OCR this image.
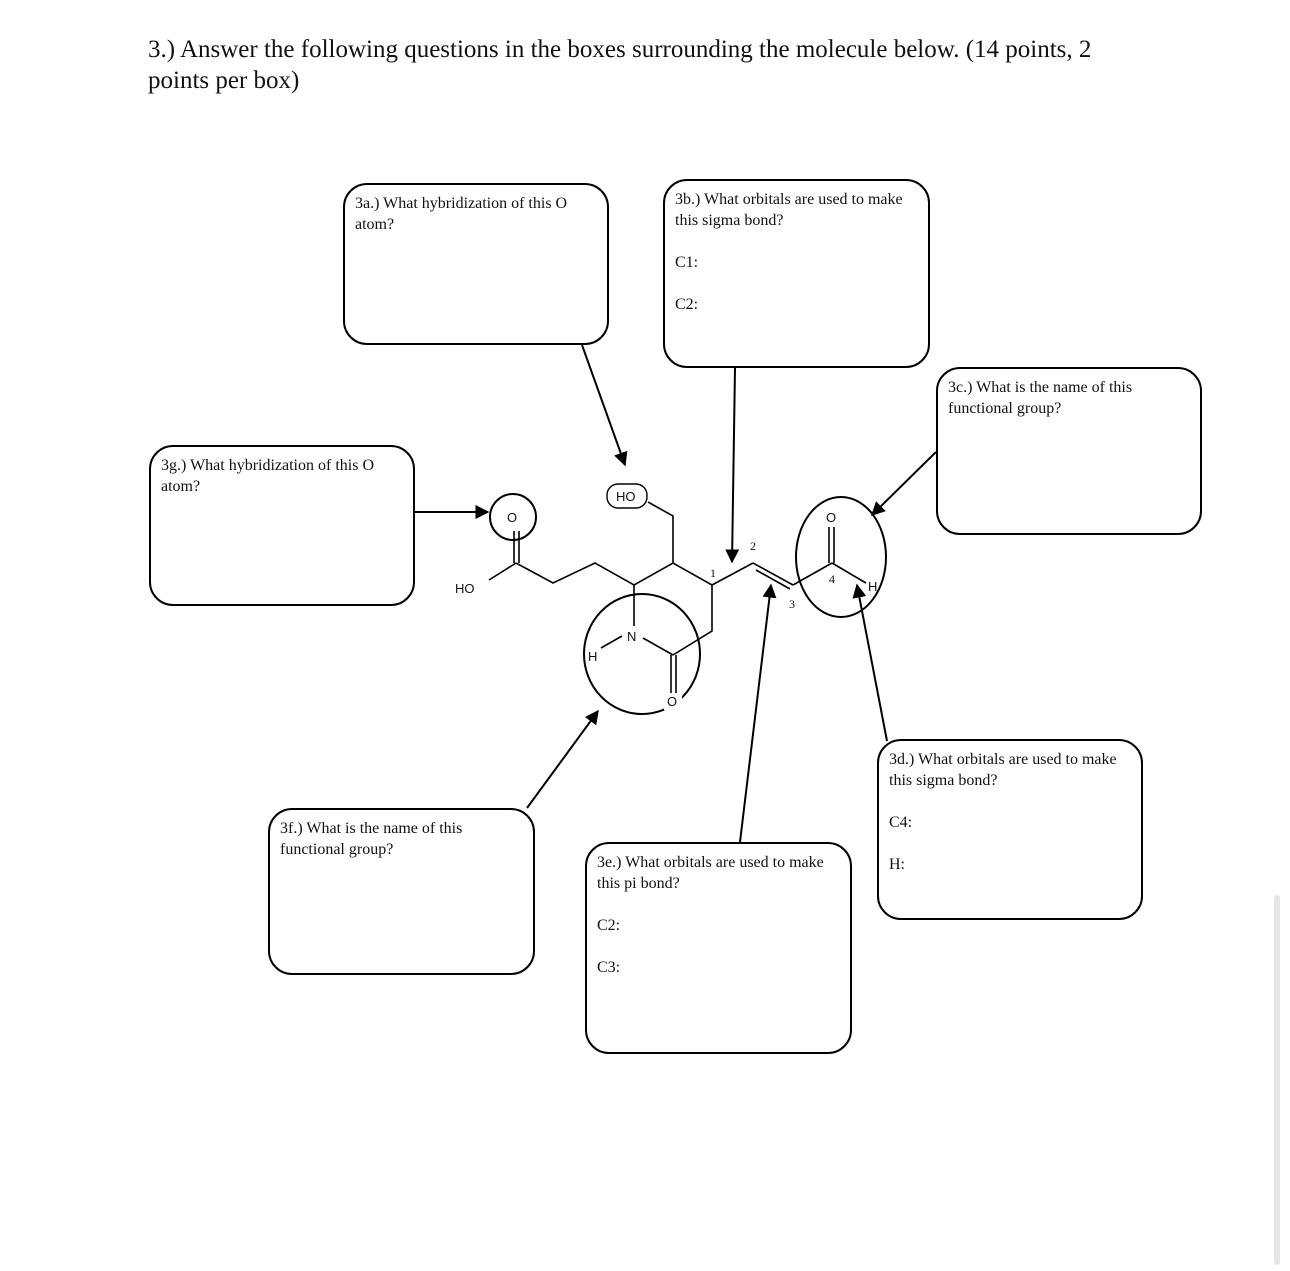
3.) Answer the following questions in the boxes surrounding the molecule below. (14 points, 2 points per box)
3a.) What hybridization of this O atom?
3b.) What orbitals are used to make this sigma bond?
C1:
C2:
3c.) What is the name of this functional group?
3g.) What hybridization of this O atom?
3d.) What orbitals are used to make this sigma bond?
C4:
H:
3f.) What is the name of this functional group?
3e.) What orbitals are used to make this pi bond?
C2:
C3:
HO
HO
O	O
O
N
H
H
1
2
3
4
